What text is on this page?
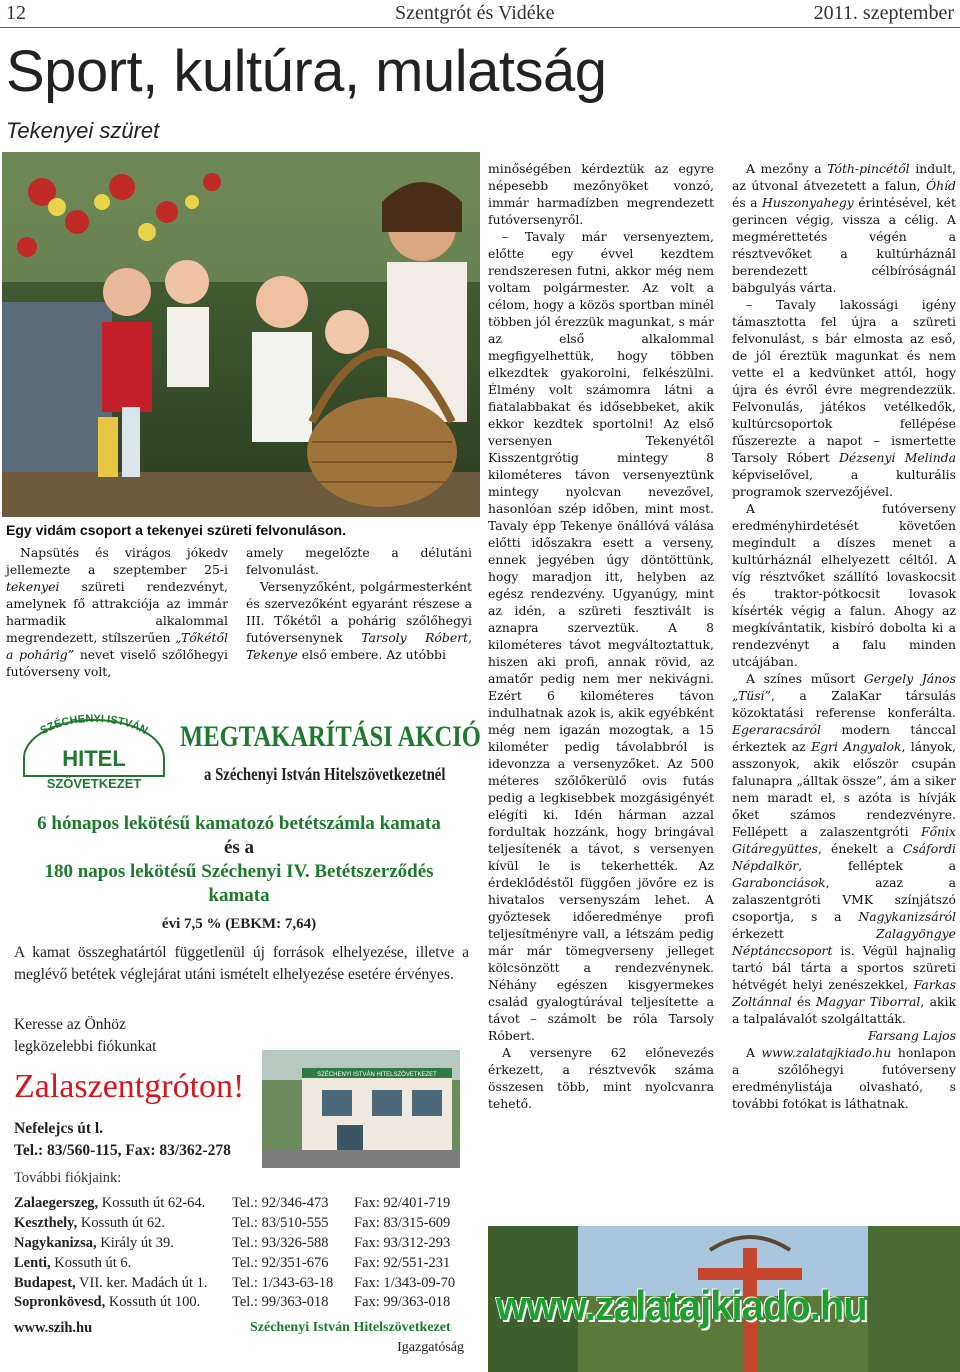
12	Szentgrót és Vidéke	2011. szeptember
Sport, kultúra, mulatság
Tekenyei szüret
Egy vidám csoport a tekenyei szüreti felvonuláson.

Napsütés és virágos jókedv jellemezte a szeptember 25-i tekenyei szüreti rendezvényt, amelynek fő attrakciója az immár harmadik alkalommal megrendezett, stílszerűen „Tőkétől a pohárig” nevet viselő szőlőhegyi futóverseny volt,

amely megelőzte a délutáni felvonulást.

Versenyzőként, polgármesterként és szervezőként egyaránt részese a III. Tőkétől a pohárig szőlőhegyi futóversenynek Tarsoly Róbert, Tekenye első embere. Az utóbbi

minőségében kérdeztük az egyre népesebb mezőnyöket vonzó, immár harmadízben megrendezett futóversenyről.

– Tavaly már versenyeztem, előtte egy évvel kezdtem rendszeresen futni, akkor még nem voltam polgármester. Az volt a célom, hogy a közös sportban minél többen jól érezzük magunkat, s már az első alkalommal megfigyelhettük, hogy többen elkezdtek gyakorolni, felkészülni. Élmény volt számomra látni a fiatalabbakat és idősebbeket, akik ekkor kezdtek sportolni! Az első versenyen Tekenyétől Kisszentgrótig mintegy 8 kilométeres távon versenyeztünk mintegy nyolcvan nevezővel, hasonlóan szép időben, mint most. Tavaly épp Tekenye önállóvá válása előtti időszakra esett a verseny, ennek jegyében úgy döntöttünk, hogy maradjon itt, helyben az egész rendezvény. Ugyanúgy, mint az idén, a szüreti fesztivált is aznapra szerveztük. A 8 kilométeres távot megváltoztattuk, hiszen aki profi, annak rövid, az amatőr pedig nem mer nekivágni. Ezért 6 kilométeres távon indulhatnak azok is, akik egyébként még nem igazán mozogtak, a 15 kilométer pedig távolabbról is idevonzza a versenyzőket. Az 500 méteres szőlőkerülő ovis futás pedig a legkisebbek mozgásigényét elégíti ki. Idén hárman azzal fordultak hozzánk, hogy bringával teljesítenék a távot, s versenyen kívül le is tekerhették. Az érdeklődéstől függően jövőre ez is hivatalos versenyszám lehet. A győztesek időeredménye profi teljesítményre vall, a létszám pedig már már tömegverseny jelleget kölcsönzött a rendezvénynek. Néhány egészen kisgyermekes család gyalogtúrával teljesítette a távot – számolt be róla Tarsoly Róbert.

A versenyre 62 előnevezés érkezett, a résztvevők száma összesen több, mint nyolcvanra tehető.

A mezőny a Tóth-pincétől indult, az útvonal átvezetett a falun, Óhíd és a Huszonyahegy érintésével, két gerincen végig, vissza a célig. A megmérettetés végén a résztvevőket a kultúrháznál berendezett célbíróságnál babgulyás várta.

– Tavaly lakossági igény támasztotta fel újra a szüreti felvonulást, s bár elmosta az eső, de jól éreztük magunkat és nem vette el a kedvünket attól, hogy újra és évről évre megrendezzük. Felvonulás, játékos vetélkedők, kultúrcsoportok fellépése fűszerezte a napot – ismertette Tarsoly Róbert Dézsenyi Melinda képviselővel, a kulturális programok szervezőjével.

A futóverseny eredményhirdetését követően megindult a díszes menet a kultúrháznál elhelyezett céltól. A víg résztvőket szállító lovaskocsit és traktor-pótkocsit lovasok kísérték végig a falun. Ahogy az megkívántatik, kisbíró dobolta ki a rendezvényt a falu minden utcájában.

A színes műsort Gergely János „Tüsi”, a ZalaKar társulás közoktatási referense konferálta. Egeraracsáról modern tánccal érkeztek az Egri Angyalok, lányok, asszonyok, akik először csupán falunapra „álltak össze”, ám a siker nem maradt el, s azóta is hívják őket számos rendezvényre. Fellépett a zalaszentgróti Főnix Gitáregyüttes, énekelt a Csáfordi Népdalkör, felléptek a Garabonciások, azaz a zalaszentgróti VMK színjátszó csoportja, s a Nagykanizsáról érkezett Zalagyöngye Néptánccsoport is. Végül hajnalig tartó bál tárta a sportos szüreti hétvégét helyi zenészekkel, Farkas Zoltánnal és Magyar Tiborral, akik a talpalávalót szolgáltatták.

Farsang Lajos

A www.zalatajkiado.hu honlapon a szőlőhegyi futóverseny eredménylistája olvasható, s további fotókat is láthatnak.

SZÉCHENYI ISTVÁN
HITEL
SZÖVETKEZET
MEGTAKARÍTÁSI AKCIÓ
a Széchenyi István Hitelszövetkezetnél
6 hónapos lekötésű kamatozó betétszámla kamata
és a
180 napos lekötésű Széchenyi IV. Betétszerződés
kamata
évi 7,5 % (EBKM: 7,64)
A kamat összeghatártól függetlenül új források elhelyezése, illetve a meglévő betétek véglejárat utáni ismételt elhelyezése esetére érvényes.
Keresse az Önhöz
legközelebbi fiókunkat
Zalaszentgróton!	SZÉCHENYI ISTVÁN HITELSZÖVETKEZET
Nefelejcs út l.
Tel.: 83/560-115, Fax: 83/362-278
További fiókjaink:
Zalaegerszeg, Kossuth út 62-64.	Tel.: 92/346-473	Fax: 92/401-719
Keszthely, Kossuth út 62.	Tel.: 83/510-555	Fax: 83/315-609
Nagykanizsa, Király út 39.	Tel.: 93/326-588	Fax: 93/312-293
Lenti, Kossuth út 6.	Tel.: 92/351-676	Fax: 92/551-231
Budapest, VII. ker. Madách út 1.	Tel.: 1/343-63-18	Fax: 1/343-09-70
Sopronkövesd, Kossuth út 100.	Tel.: 99/363-018	Fax: 99/363-018
www.szih.hu	Széchenyi István Hitelszövetkezet
Igazgatóság
www.zalatajkiado.hu
